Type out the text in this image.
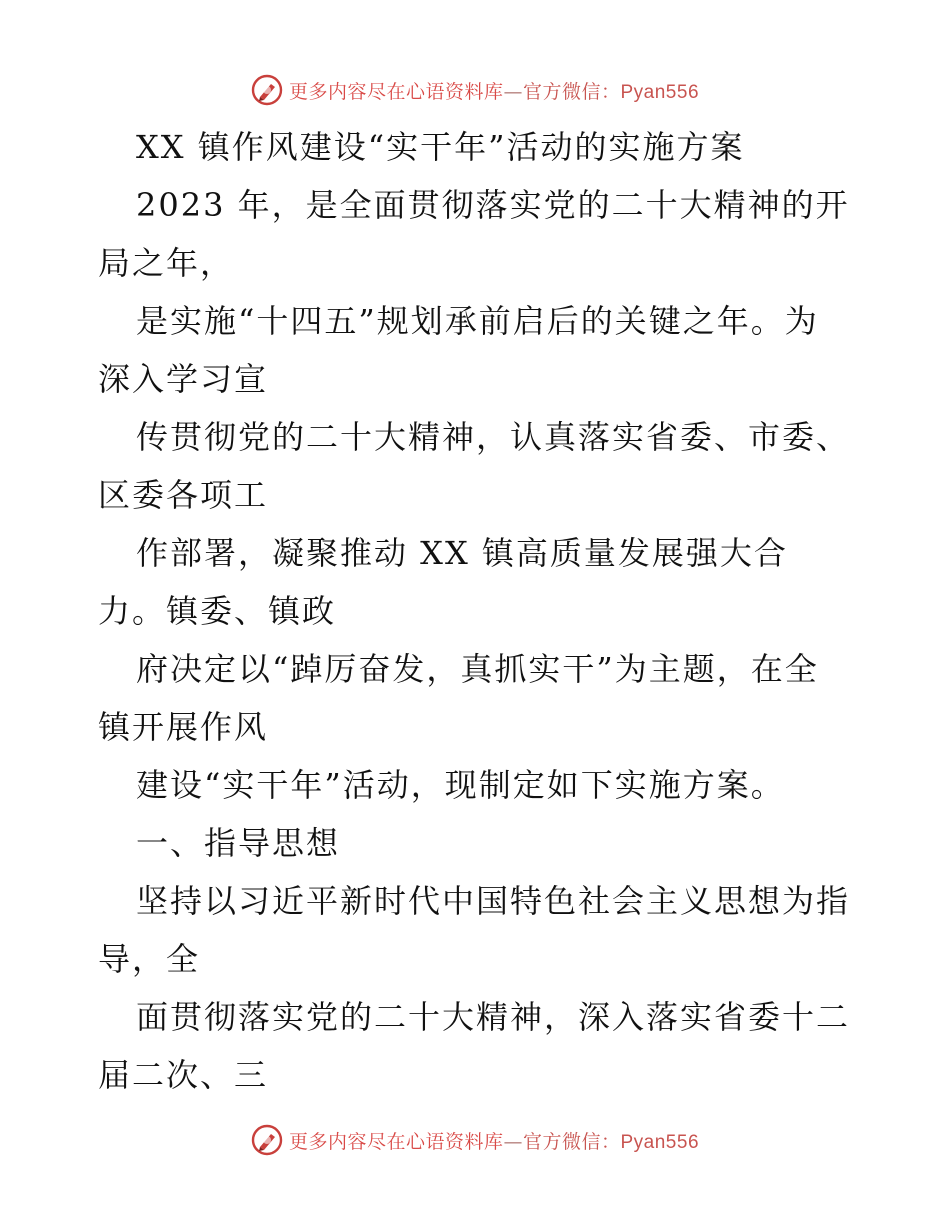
更多内容尽在心语资料库—官方微信：Pyan556
XX 镇作风建设“实干年”活动的实施方案
2023 年，是全面贯彻落实党的二十大精神的开
局之年，
是实施“十四五”规划承前启后的关键之年。为
深入学习宣
传贯彻党的二十大精神，认真落实省委、市委、
区委各项工
作部署，凝聚推动 XX 镇高质量发展强大合
力。镇委、镇政
府决定以“踔厉奋发，真抓实干”为主题，在全
镇开展作风
建设“实干年”活动，现制定如下实施方案。
一、指导思想
坚持以习近平新时代中国特色社会主义思想为指
导，全
面贯彻落实党的二十大精神，深入落实省委十二
届二次、三
更多内容尽在心语资料库—官方微信：Pyan556
